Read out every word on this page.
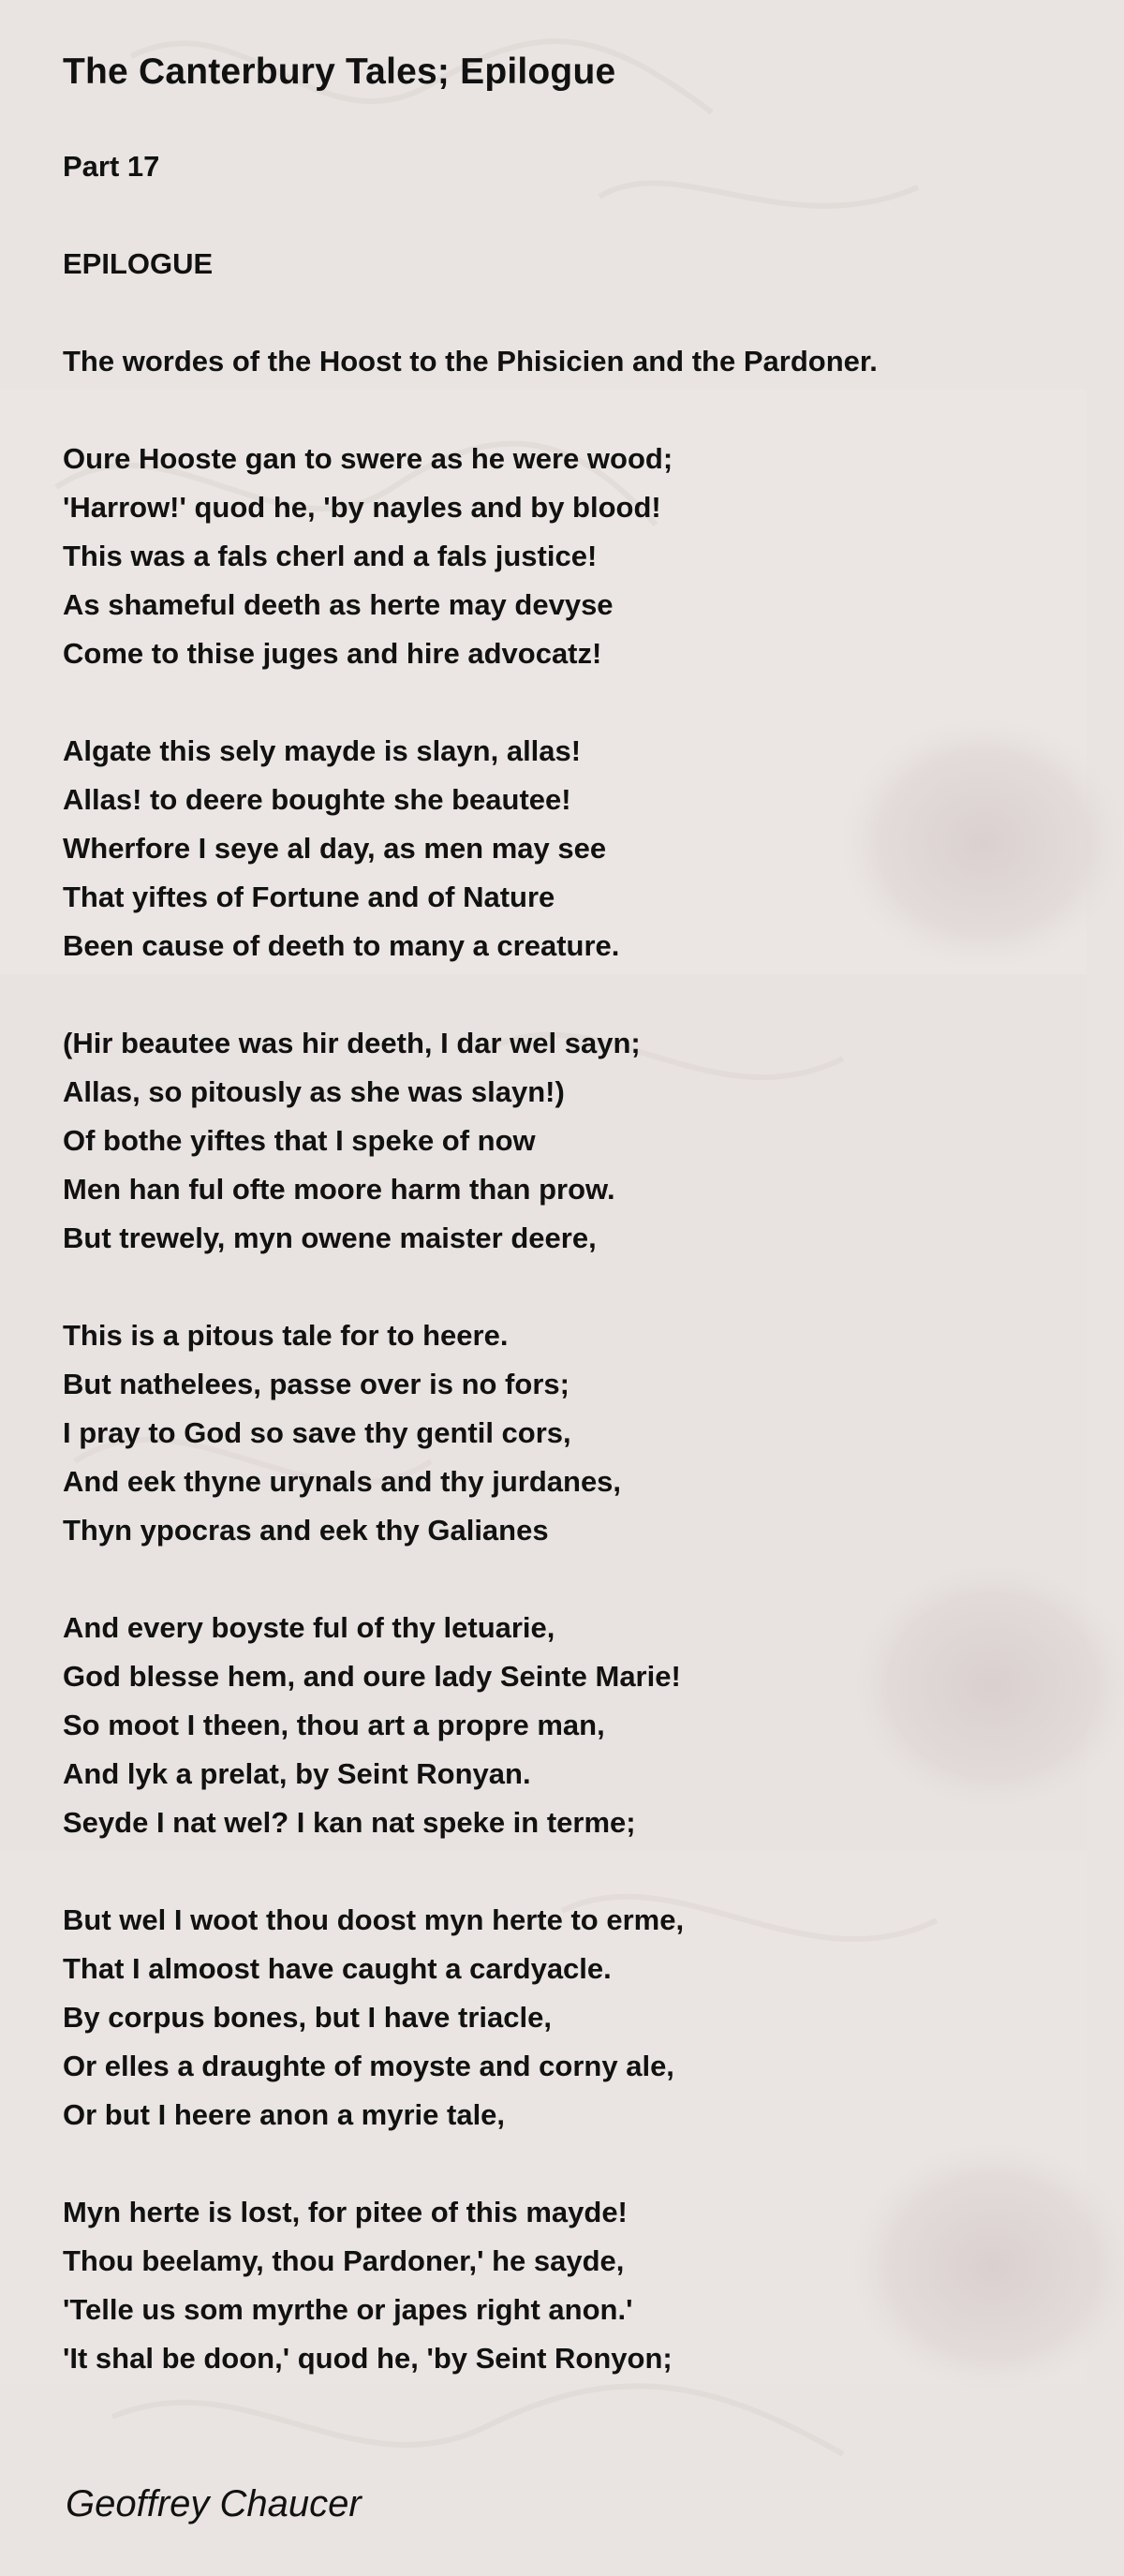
The Canterbury Tales; Epilogue
Part 17
EPILOGUE
The wordes of the Hoost to the Phisicien and the Pardoner.
Oure Hooste gan to swere as he were wood;
'Harrow!' quod he, 'by nayles and by blood!
This was a fals cherl and a fals justice!
As shameful deeth as herte may devyse
Come to thise juges and hire advocatz!
Algate this sely mayde is slayn, allas!
Allas! to deere boughte she beautee!
Wherfore I seye al day, as men may see
That yiftes of Fortune and of Nature
Been cause of deeth to many a creature.
(Hir beautee was hir deeth, I dar wel sayn;
Allas, so pitously as she was slayn!)
Of bothe yiftes that I speke of now
Men han ful ofte moore harm than prow.
But trewely, myn owene maister deere,
This is a pitous tale for to heere.
But nathelees, passe over is no fors;
I pray to God so save thy gentil cors,
And eek thyne urynals and thy jurdanes,
Thyn ypocras and eek thy Galianes
And every boyste ful of thy letuarie,
God blesse hem, and oure lady Seinte Marie!
So moot I theen, thou art a propre man,
And lyk a prelat, by Seint Ronyan.
Seyde I nat wel? I kan nat speke in terme;
But wel I woot thou doost myn herte to erme,
That I almoost have caught a cardyacle.
By corpus bones, but I have triacle,
Or elles a draughte of moyste and corny ale,
Or but I heere anon a myrie tale,
Myn herte is lost, for pitee of this mayde!
Thou beelamy, thou Pardoner,' he sayde,
'Telle us som myrthe or japes right anon.'
'It shal be doon,' quod he, 'by Seint Ronyon;
Geoffrey Chaucer
